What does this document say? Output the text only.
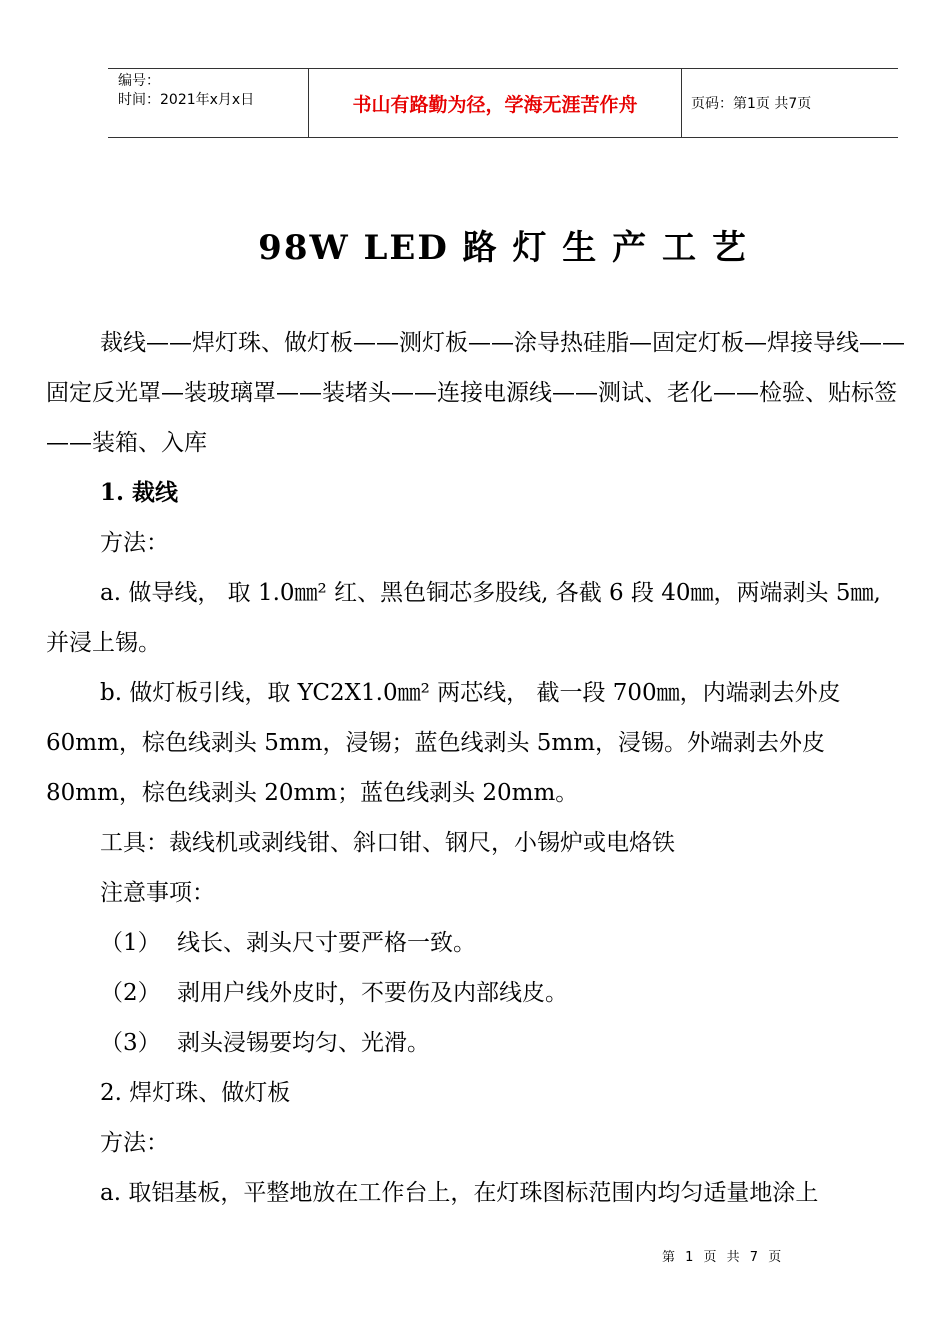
编号：
时间：2021年x月x日	书山有路勤为径，学海无涯苦作舟	页码：第1页 共7页
98W LED 路 灯 生 产 工 艺

裁线——焊灯珠、做灯板——测灯板——涂导热硅脂—固定灯板—焊接导线——固定反光罩—装玻璃罩——装堵头——连接电源线——测试、老化——检验、贴标签——装箱、入库

1. 裁线

方法：

a. 做导线， 取 1.0㎜² 红、黑色铜芯多股线, 各截 6 段 40㎜，两端剥头 5㎜, 并浸上锡。

b. 做灯板引线，取 YC2X1.0㎜² 两芯线， 截一段 700㎜，内端剥去外皮 60mm，棕色线剥头 5mm，浸锡；蓝色线剥头 5mm，浸锡。外端剥去外皮 80mm，棕色线剥头 20mm；蓝色线剥头 20mm。

工具：裁线机或剥线钳、斜口钳、钢尺，小锡炉或电烙铁

注意事项：

（1） 线长、剥头尺寸要严格一致。

（2） 剥用户线外皮时，不要伤及内部线皮。

（3） 剥头浸锡要均匀、光滑。

2. 焊灯珠、做灯板

方法：

a. 取铝基板，平整地放在工作台上，在灯珠图标范围内均匀适量地涂上

第 1 页 共 7 页
